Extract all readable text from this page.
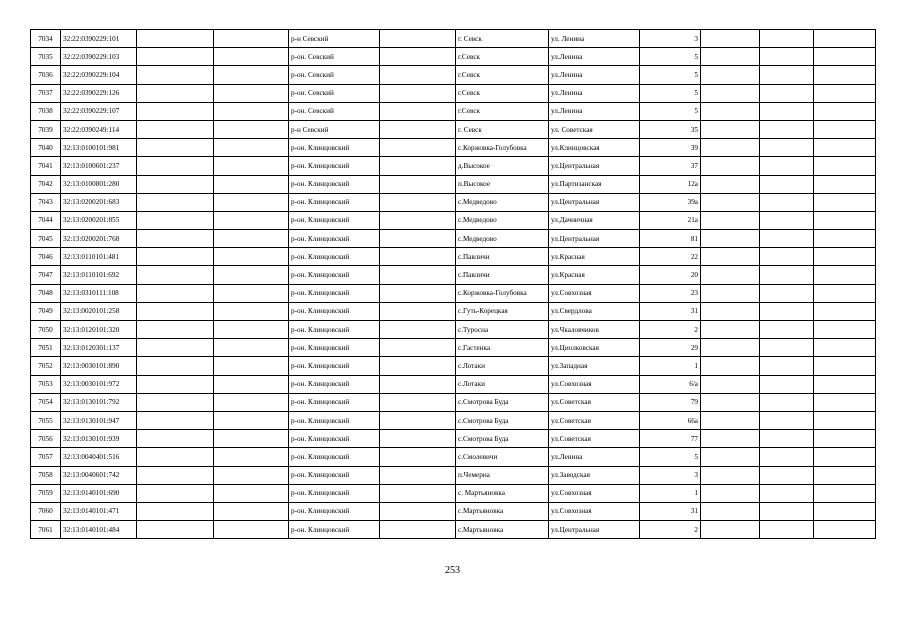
7034	32:22:0390229:101			р-н Севский		г. Севск	ул. Ленина	3			
7035	32:22:0390229:103			р-он. Севский		г.Севск	ул.Ленина	5			
7036	32:22:0390229:104			р-он. Севский		г.Севск	ул.Ленина	5			
7037	32:22:0390229:126			р-он. Севский		г.Севск	ул.Ленина	5			
7038	32:22:0390229:107			р-он. Севский		г.Севск	ул.Ленина	5			
7039	32:22:0390249:114			р-н Севский		г. Севск	ул. Советская	35			
7040	32:13:0100101:981			р-он. Клинцовский		с.Коржовка-Голубовка	ул.Клинцовская	39			
7041	32:13:0100601:237			р-он. Клинцовский		д.Высокое	ул.Центральная	37			
7042	32:13:0100801:280			р-он. Клинцовский		п.Высокое	ул.Партизанская	12а			
7043	32:13:0200201:683			р-он. Клинцовский		с.Медведово	ул.Центральная	39а			
7044	32:13:0200201:855			р-он. Клинцовский		с.Медведово	ул.Дачничная	21а			
7045	32:13:0200201:768			р-он. Клинцовский		с.Медведово	ул.Центральная	81			
7046	32:13:0110101:481			р-он. Клинцовский		с.Павличи	ул.Красная	22			
7047	32:13:0110101:692			р-он. Клинцовский		с.Павличи	ул.Красная	20			
7048	32:13:0310111:108			р-он. Клинцовский		с.Коржовка-Голубовка	ул.Совхозная	23			
7049	32:13:0020101:258			р-он. Клинцовский		с.Гуть-Корецкая	ул.Свердлова	31			
7050	32:13:0120101:320			р-он. Клинцовский		с.Туросна	ул.Чкаловчиков	2			
7051	32:13:0120301:137			р-он. Клинцовский		с.Гастенка	ул.Циолковская	29			
7052	32:13:0030101:890			р-он. Клинцовский		с.Лотаки	ул.Западная	1			
7053	32:13:0030101:972			р-он. Клинцовский		с.Лотаки	ул.Совхозная	6/а			
7054	32:13:0130101:792			р-он. Клинцовский		с.Смотрова Буда	ул.Советская	79			
7055	32:13:0130101:947			р-он. Клинцовский		с.Смотрова Буда	ул.Советская	66а			
7056	32:13:0130101:939			р-он. Клинцовский		с.Смотрова Буда	ул.Советская	77			
7057	32:13:0040401:516			р-он. Клинцовский		с.Смолевичи	ул.Ленина	5			
7058	32:13:0040601:742			р-он. Клинцовский		п.Чемерна	ул.Заводская	3			
7059	32:13:0140101:690			р-он. Клинцовский		с. Мартьяновка	ул.Совхозная	1			
7060	32:13:0140101:471			р-он. Клинцовский		с.Мартьяновка	ул.Совхозная	31			
7061	32:13:0140101:484			р-он. Клинцовский		с.Мартьяновка	ул.Центральная	2			
253
